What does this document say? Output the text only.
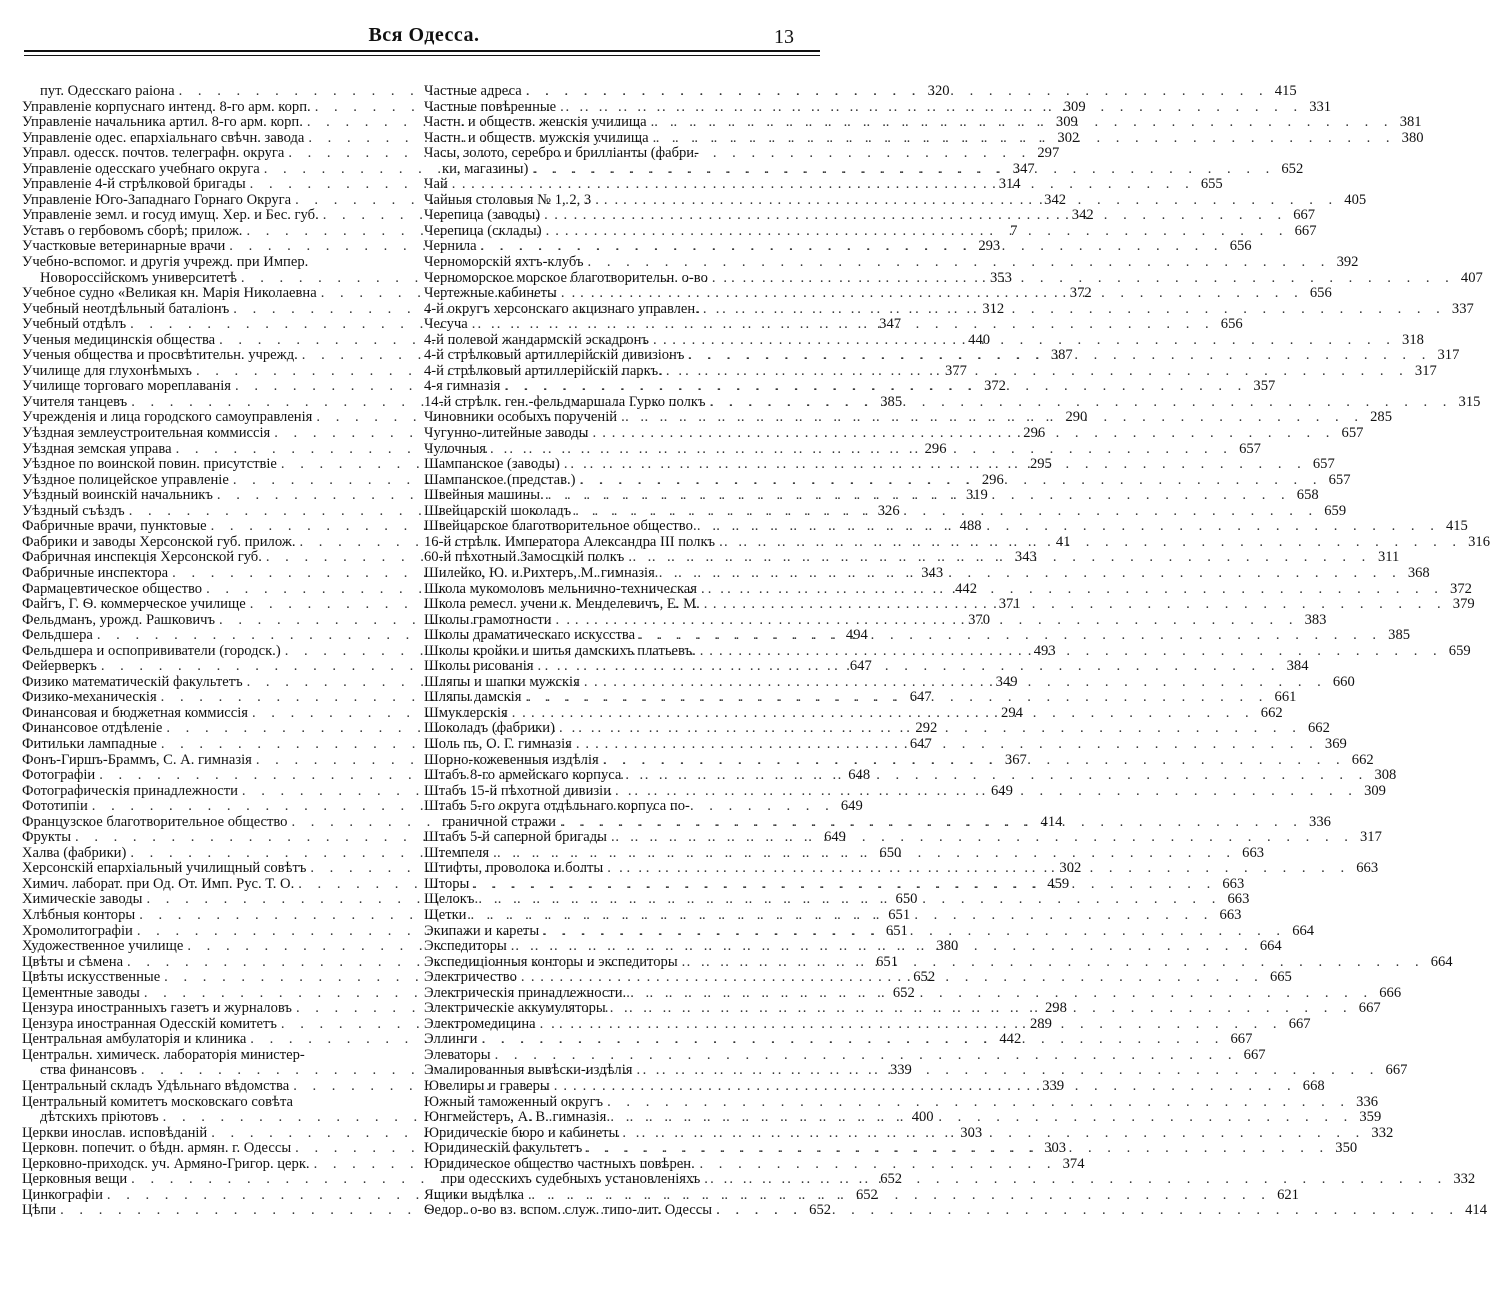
Вся Одесса.	13
пут. Одесскаго раіона . . .	320
Управленіе корпуснаго интенд. 8-го арм. корп. . . .	309
Управленіе начальника артил. 8-го арм. корп. . . .	309
Управленіе одес. епархіальнаго свѣчн. завода . . .	302
Управл. одесск. почтов. телеграфн. округа . . .	297
Управленіе одесскаго учебнаго округа . . .	347
Управленіе 4-й стрѣлковой бригады . . .	314
Управленіе Юго-Западнаго Горнаго Округа . . .	342
Управленіе земл. и госуд имущ. Хер. и Бес. губ. . . .	342
Уставъ о гербовомъ сборѣ; прилож. . . .	7
Участковые ветеринарные врачи . . .	293
Учебно-вспомог. и другія учрежд. при Импер.
Новороссійскомъ университетѣ . . .	353
Учебное судно «Великая кн. Марія Николаевна . . .	372
Учебный неотдѣльный баталіонъ . . .	312
Учебный отдѣлъ . . .	347
Ученыя медицинскія общества . . .	440
Ученыя общества и просвѣтительн. учрежд. . . .	387
Училище для глухонѣмыхъ . . .	377
Училище торговаго мореплаванія . . .	372
Учителя танцевъ . . .	385
Учрежденія и лица городского самоуправленія . . .	290
Уѣздная землеустроительная коммиссія . . .	296
Уѣздная земская управа . . .	296
Уѣздное по воинской повин. присутствіе . . .	295
Уѣздное полицейское управленіе . . .	296
Уѣздный воинскій начальникъ . . .	319
Уѣздный съѣздъ . . .	326
Фабричные врачи, пунктовые . . .	488
Фабрики и заводы Херсонской губ. прилож. . . .	41
Фабричная инспекція Херсонской губ. . . .	343
Фабричные инспектора . . .	343
Фармацевтическое общество . . .	442
Файгъ, Г. Ѳ. коммерческое училище . . .	371
Фельдманъ, урожд. Рашковичъ . . .	370
Фельдшера . . .	494
Фельдшера и оспопрививатели (городск.) . . .	493
Фейерверкъ . . .	647
Физико математическій факультетъ . . .	349
Физико-механическія . . .	647
Финансовая и бюджетная коммиссія . . .	294
Финансовое отдѣленіе . . .	292
Фитильки лампадные . . .	647
Фонъ-Гиршъ-Браммъ, С. А. гимназія . . .	367
Фотографіи . . .	648
Фотографическія принадлежности . . .	649
Фототипіи . . .	649
Французское благотворительное общество . . .	414
Фрукты . . .	649
Халва (фабрики) . . .	650
Херсонскій епархіальный училищный совѣтъ . . .	302
Химич. лаборат. при Од. От. Имп. Рус. Т. О. . . .	459
Химическіе заводы . . .	650
Хлѣбныя конторы . . .	651
Хромолитографіи . . .	651
Художественное училище . . .	380
Цвѣты и сѣмена . . .	651
Цвѣты искусственные . . .	652
Цементные заводы . . .	652
Цензура иностранныхъ газетъ и журналовъ . . .	298
Цензура иностранная Одесскій комитетъ . . .	289
Центральная амбулаторія и клиника . . .	442
Центральн. химическ. лабораторія министер-
ства финансовъ . . .	339
Центральный складъ Удѣльнаго вѣдомства . . .	339
Центральный комитетъ московскаго совѣта
дѣтскихъ пріютовъ . . .	400
Церкви инослав. исповѣданій . . .	303
Церковн. попечит. о бѣдн. армян. г. Одессы . . .	303
Церковно-приходск. уч. Армяно-Григор. церк. . . .	374
Церковныя вещи . . .	652
Цинкографіи . . .	652
Цѣпи . . .	652
Частные адреса . . .	415
Частные повѣренные . . .	331
Частн. и обществ. женскія училища . . .	381
Частн. и обществ. мужскія училища . . .	380
Часы, золото, серебро и брилліанты (фабри-
ки, магазины) . . .	652
Чай . . .	655
Чайныя столовыя № 1, 2, 3 . . .	405
Черепица (заводы) . . .	667
Черепица (склады) . . .	667
Чернила . . .	656
Черноморскій яхтъ-клубъ . . .	392
Черноморское морское благотворительн. о-во . . .	407
Чертежные кабинеты . . .	656
4-й округъ херсонскаго акцизнаго управлен. . . .	337
Чесуча . . .	656
4-й полевой жандармскій эскадронъ . . .	318
4-й стрѣлковый артиллерійскій дивизіонъ . . .	317
4-й стрѣлковый артиллерійскій паркъ. . . .	317
4-я гимназія . . .	357
14-й стрѣлк. ген.-фельдмаршала Гурко полкъ . . .	315
Чиновники особыхъ порученій . . .	285
Чугунно-литейные заводы . . .	657
Чулочныя . . .	657
Шампанское (заводы) . . .	657
Шампанское (представ.) . . .	657
Швейныя машины. . . .	658
Швейцарскій шоколадъ . . .	659
Швейцарское благотворительное общество . . .	415
16-й стрѣлк. Императора Александра III полкъ . . .	316
60-й пѣхотный Замосцкій полкъ . . .	311
Шилейко, Ю. и Рихтеръ, М. гимназія . . .	368
Школа мукомоловъ мельнично-техническая . . .	372
Школа ремесл. учени к. Менделевичъ, Е. М. . . .	379
Школы грамотности . . .	383
Школы драматическаго искусства . . .	385
Школы кройки и шитья дамскихъ платьевъ. . . .	659
Школы рисованія . . .	384
Шляпы и шапки мужскія . . .	660
Шляпы дамскія . . .	661
Шмуклерскія . . .	662
Шоколадъ (фабрики) . . .	662
Шоль пъ, О. Г. гимназія . . .	369
Шорно-кожевенныя издѣлія . . .	662
Штабъ 8-го армейскаго корпуса . . .	308
Штабъ 15-й пѣхотной дивизіи . . .	309
Штабъ 5-го округа отдѣльнаго корпуса по-
граничной стражи . . .	336
Штабъ 5-й саперной бригады . . .	317
Штемпеля . . .	663
Штифты, проволока и болты . . .	663
Шторы . . .	663
Щелокъ . . .	663
Щетки . . .	663
Экипажи и кареты . . .	664
Экспедиторы . . .	664
Экспедиціонныя конторы и экспедиторы . . .	664
Электричество . . .	665
Электрическія принадлежности. . . .	666
Электрическіе аккумуляторы . . .	667
Электромедицина . . .	667
Эллинги . . .	667
Элеваторы . . .	667
Эмалированныя вывѣски-издѣлія . . .	667
Ювелиры и граверы . . .	668
Южный таможенный округъ . . .	336
Юнгмейстеръ, А. В. гимназія . . .	359
Юридическіе бюро и кабинеты . . .	332
Юридическій факультетъ . . .	350
Юридическое общество частныхъ повѣрен.
при одесскихъ судебныхъ установленіяхъ . . .	332
Ящики выдѣлка . . .	621
Ѳедор. о-во вз. вспом. служ. типо-лит. Одессы . . .	414
